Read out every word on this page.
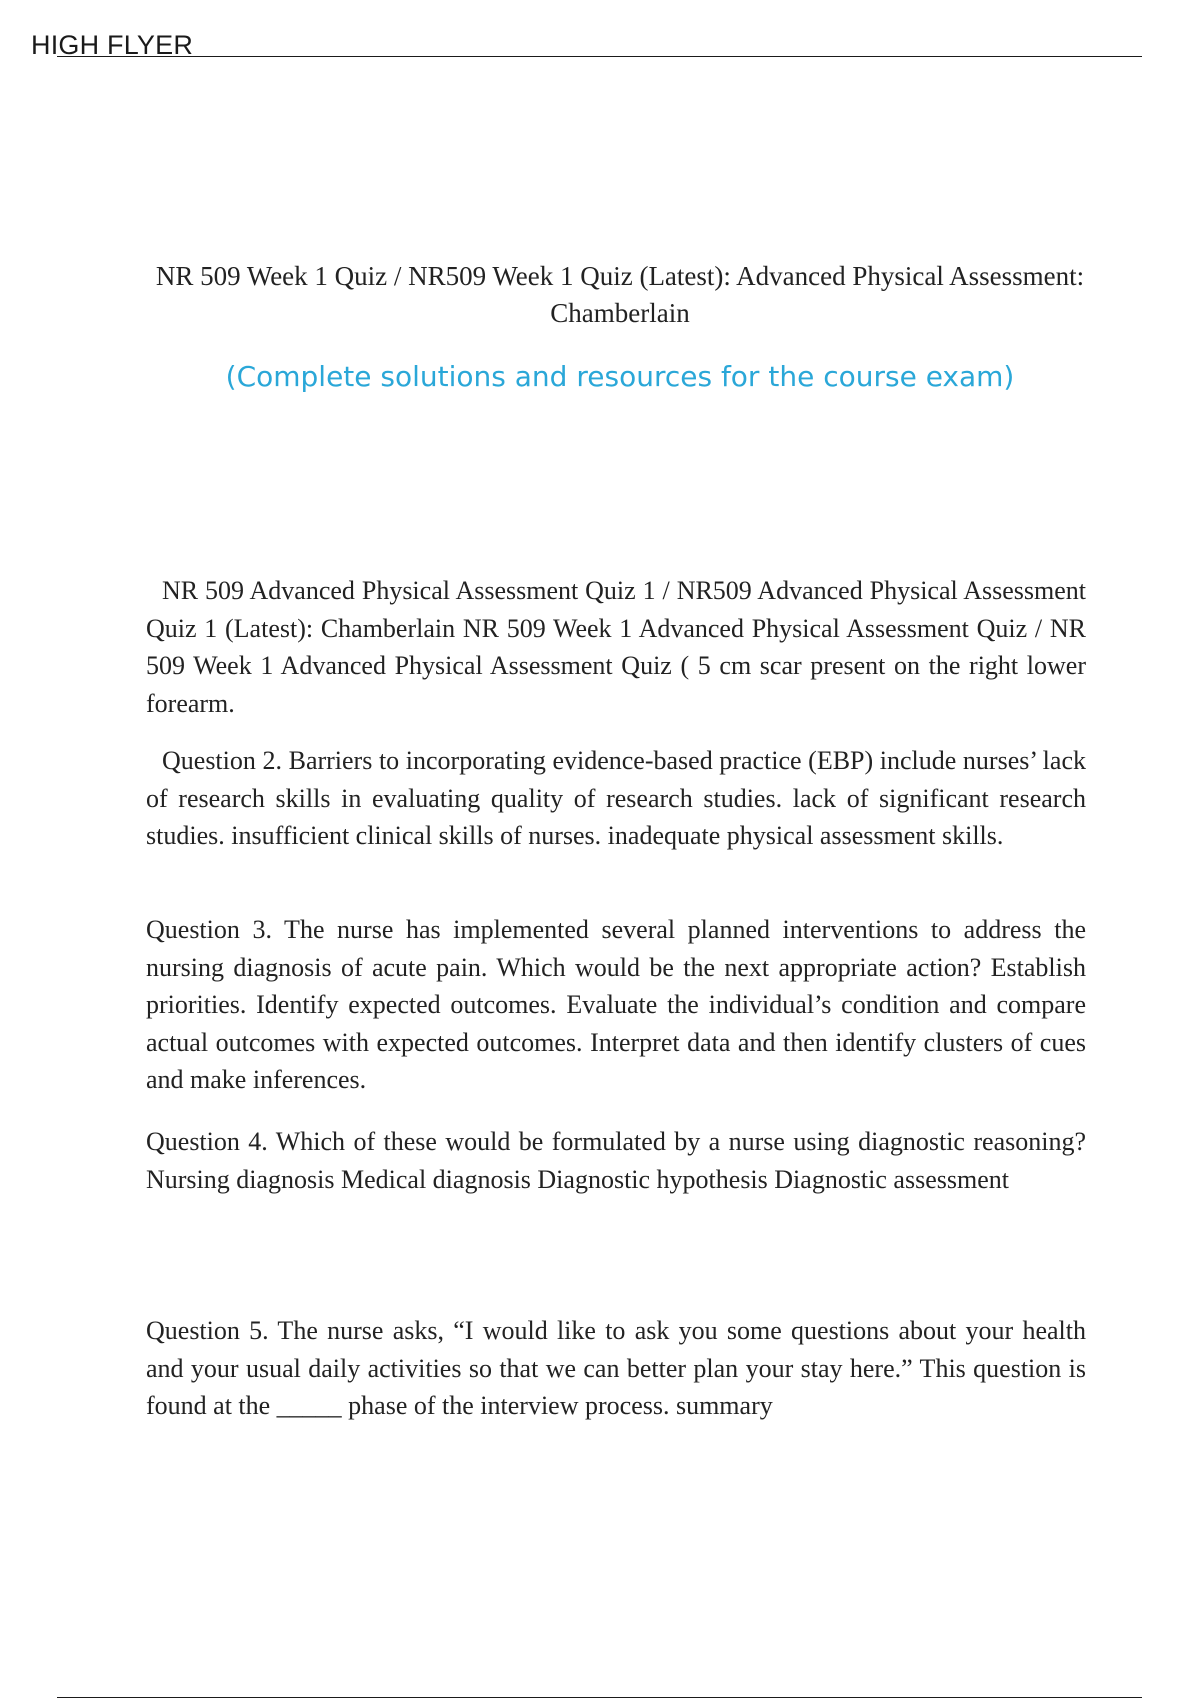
HIGH FLYER
NR 509 Week 1 Quiz / NR509 Week 1 Quiz (Latest): Advanced Physical Assessment: Chamberlain
(Complete solutions and resources for the course exam)

NR 509 Advanced Physical Assessment Quiz 1 / NR509 Advanced Physical Assessment Quiz 1 (Latest): Chamberlain NR 509 Week 1 Advanced Physical Assessment Quiz / NR 509 Week 1 Advanced Physical Assessment Quiz ( 5 cm scar present on the right lower forearm.

Question 2. Barriers to incorporating evidence-based practice (EBP) include nurses’ lack of research skills in evaluating quality of research studies. lack of significant research studies. insufficient clinical skills of nurses. inadequate physical assessment skills.

Question 3. The nurse has implemented several planned interventions to address the nursing diagnosis of acute pain. Which would be the next appropriate action? Establish priorities. Identify expected outcomes. Evaluate the individual’s condition and compare actual outcomes with expected outcomes. Interpret data and then identify clusters of cues and make inferences.

Question 4. Which of these would be formulated by a nurse using diagnostic reasoning? Nursing diagnosis Medical diagnosis Diagnostic hypothesis Diagnostic assessment

Question 5. The nurse asks, “I would like to ask you some questions about your health and your usual daily activities so that we can better plan your stay here.” This question is found at the _____ phase of the interview process. summary
